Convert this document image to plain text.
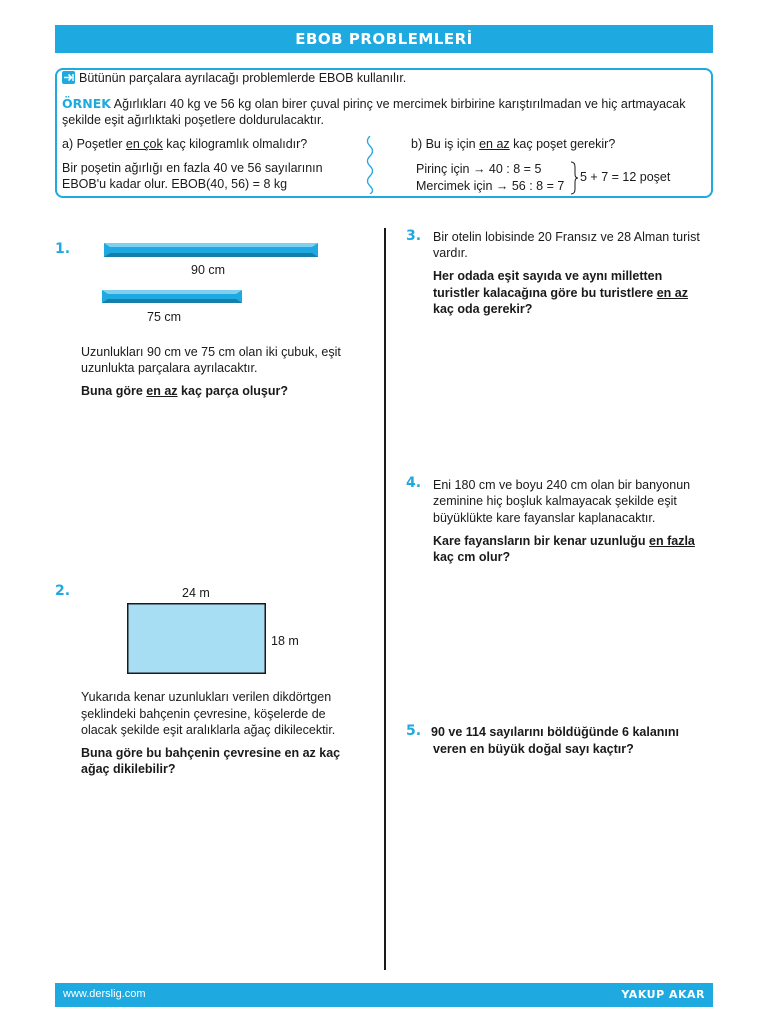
EBOB PROBLEMLERİ
Bütünün parçalara ayrılacağı problemlerde EBOB kullanılır.
ÖRNEK Ağırlıkları 40 kg ve 56 kg olan birer çuval pirinç ve mercimek birbirine karıştırılmadan ve hiç artmayacak
şekilde eşit ağırlıktaki poşetlere doldurulacaktır.
a) Poşetler en çok kaç kilogramlık olmalıdır?
Bir poşetin ağırlığı en fazla 40 ve 56 sayılarının
EBOB'u kadar olur. EBOB(40, 56) = 8 kg
b) Bu iş için en az kaç poşet gerekir?
Pirinç için → 40 : 8 = 5
Mercimek için → 56 : 8 = 7
5 + 7 = 12 poşet
1.
90 cm
75 cm
Uzunlukları 90 cm ve 75 cm olan iki çubuk, eşit
uzunlukta parçalara ayrılacaktır.
Buna göre en az kaç parça oluşur?
2.	24 m
18 m
Yukarıda kenar uzunlukları verilen dikdörtgen
şeklindeki bahçenin çevresine, köşelerde de
olacak şekilde eşit aralıklarla ağaç dikilecektir.
Buna göre bu bahçenin çevresine en az kaç
ağaç dikilebilir?
3. Bir otelin lobisinde 20 Fransız ve 28 Alman turist
vardır.
Her odada eşit sayıda ve aynı milletten
turistler kalacağına göre bu turistlere en az
kaç oda gerekir?
4. Eni 180 cm ve boyu 240 cm olan bir banyonun
zeminine hiç boşluk kalmayacak şekilde eşit
büyüklükte kare fayanslar kaplanacaktır.
Kare fayansların bir kenar uzunluğu en fazla
kaç cm olur?
5. 90 ve 114 sayılarını böldüğünde 6 kalanını
veren en büyük doğal sayı kaçtır?
www.derslig.com	YAKUP AKAR
